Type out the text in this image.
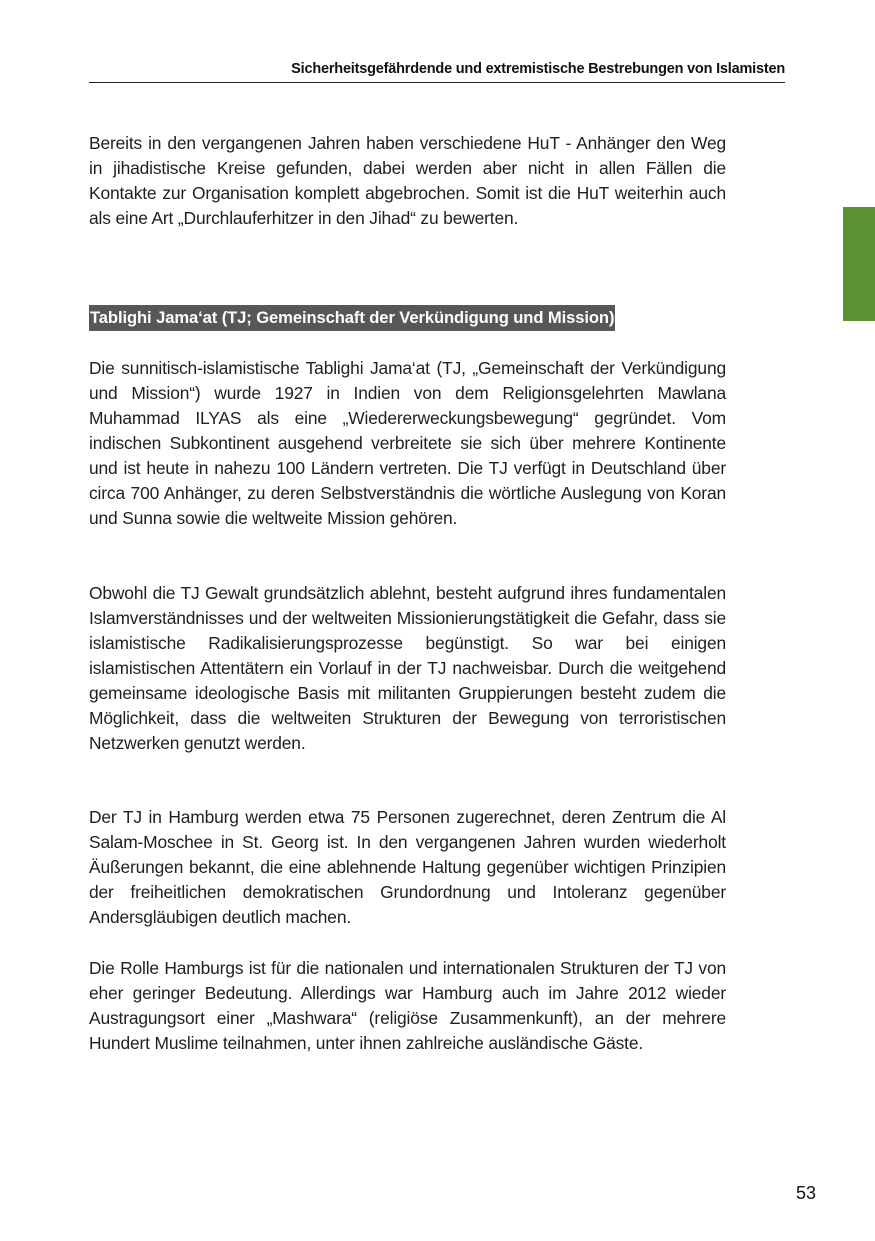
Sicherheitsgefährdende und extremistische Bestrebungen von Islamisten

Bereits in den vergangenen Jahren haben verschiedene HuT - Anhänger den Weg in jihadistische Kreise gefunden, dabei werden aber nicht in allen Fällen die Kontakte zur Organisation komplett abgebrochen. Somit ist die HuT weiterhin auch als eine Art „Durchlauferhitzer in den Jihad“ zu bewerten.

Tablighi Jama‘at (TJ; Gemeinschaft der Verkündigung und Mission)

Die sunnitisch-islamistische Tablighi Jama‘at (TJ, „Gemeinschaft der Verkündigung und Mission“) wurde 1927 in Indien von dem Religionsgelehrten Mawlana Muhammad ILYAS als eine „Wiedererweckungsbewegung“ gegründet. Vom indischen Subkontinent ausgehend verbreitete sie sich über mehrere Kontinente und ist heute in nahezu 100 Ländern vertreten. Die TJ verfügt in Deutschland über circa 700 Anhänger, zu deren Selbstverständnis die wörtliche Auslegung von Koran und Sunna sowie die weltweite Mission gehören.

Obwohl die TJ Gewalt grundsätzlich ablehnt, besteht aufgrund ihres fundamentalen Islamverständnisses und der weltweiten Missionierungstätigkeit die Gefahr, dass sie islamistische Radikalisierungsprozesse begünstigt. So war bei einigen islamistischen Attentätern ein Vorlauf in der TJ nachweisbar. Durch die weitgehend gemeinsame ideologische Basis mit militanten Gruppierungen besteht zudem die Möglichkeit, dass die weltweiten Strukturen der Bewegung von terroristischen Netzwerken genutzt werden.

Der TJ in Hamburg werden etwa 75 Personen zugerechnet, deren Zentrum die Al Salam-Moschee in St. Georg ist. In den vergangenen Jahren wurden wiederholt Äußerungen bekannt, die eine ablehnende Haltung gegenüber wichtigen Prinzipien der freiheitlichen demokratischen Grundordnung und Intoleranz gegenüber Andersgläubigen deutlich machen.

Die Rolle Hamburgs ist für die nationalen und internationalen Strukturen der TJ von eher geringer Bedeutung. Allerdings war Hamburg auch im Jahre 2012 wieder Austragungsort einer „Mashwara“ (religiöse Zusammenkunft), an der mehrere Hundert Muslime teilnahmen, unter ihnen zahlreiche ausländische Gäste.

53
